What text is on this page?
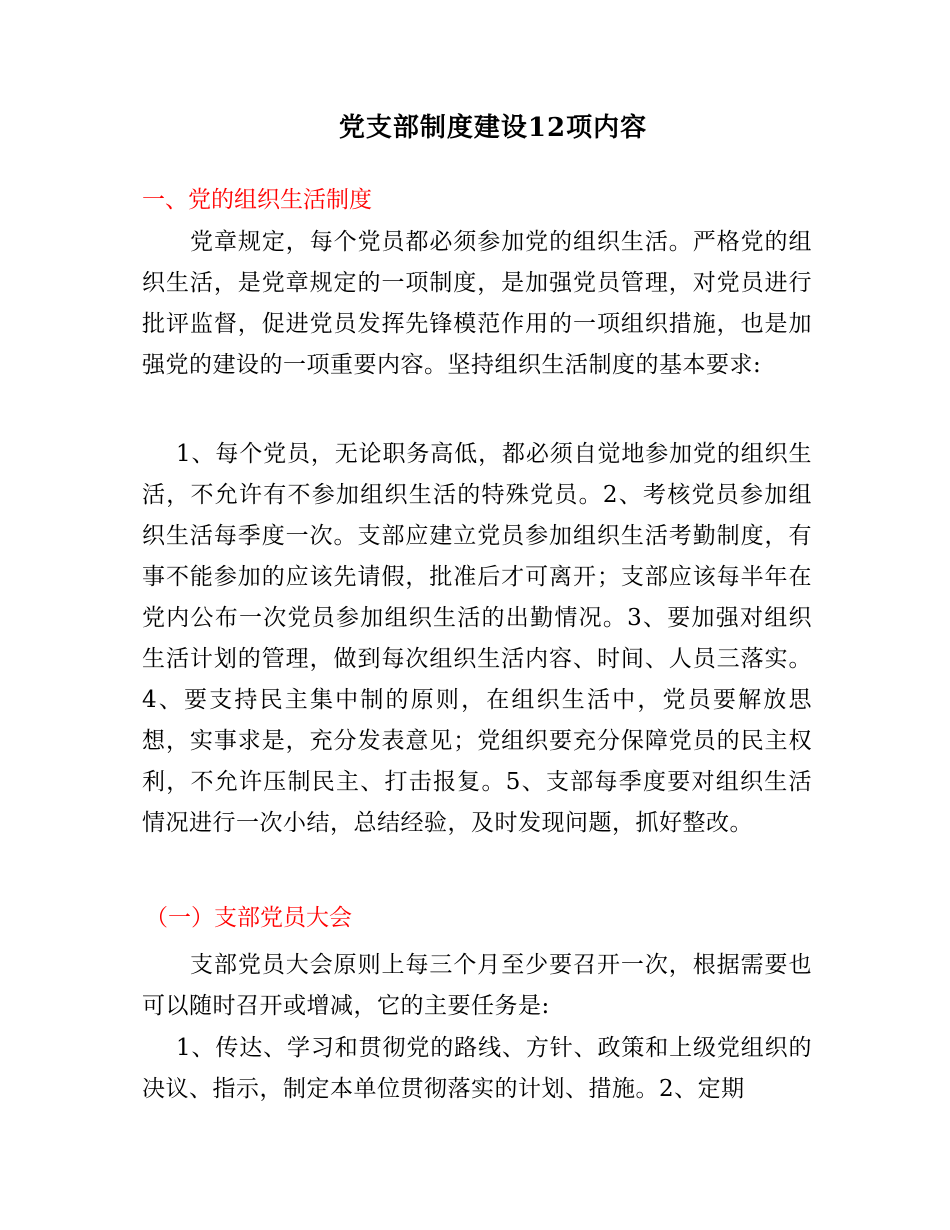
党支部制度建设12项内容
一、党的组织生活制度

党章规定，每个党员都必须参加党的组织生活。严格党的组织生活，是党章规定的一项制度，是加强党员管理，对党员进行批评监督，促进党员发挥先锋模范作用的一项组织措施，也是加强党的建设的一项重要内容。坚持组织生活制度的基本要求:

1、每个党员，无论职务高低，都必须自觉地参加党的组织生活，不允许有不参加组织生活的特殊党员。2、考核党员参加组织生活每季度一次。支部应建立党员参加组织生活考勤制度，有事不能参加的应该先请假，批准后才可离开；支部应该每半年在党内公布一次党员参加组织生活的出勤情况。3、要加强对组织生活计划的管理，做到每次组织生活内容、时间、人员三落实。4、要支持民主集中制的原则，在组织生活中，党员要解放思想，实事求是，充分发表意见；党组织要充分保障党员的民主权利，不允许压制民主、打击报复。5、支部每季度要对组织生活情况进行一次小结，总结经验，及时发现问题，抓好整改。

（一）支部党员大会

支部党员大会原则上每三个月至少要召开一次，根据需要也可以随时召开或增减，它的主要任务是:

1、传达、学习和贯彻党的路线、方针、政策和上级党组织的决议、指示，制定本单位贯彻落实的计划、措施。2、定期
